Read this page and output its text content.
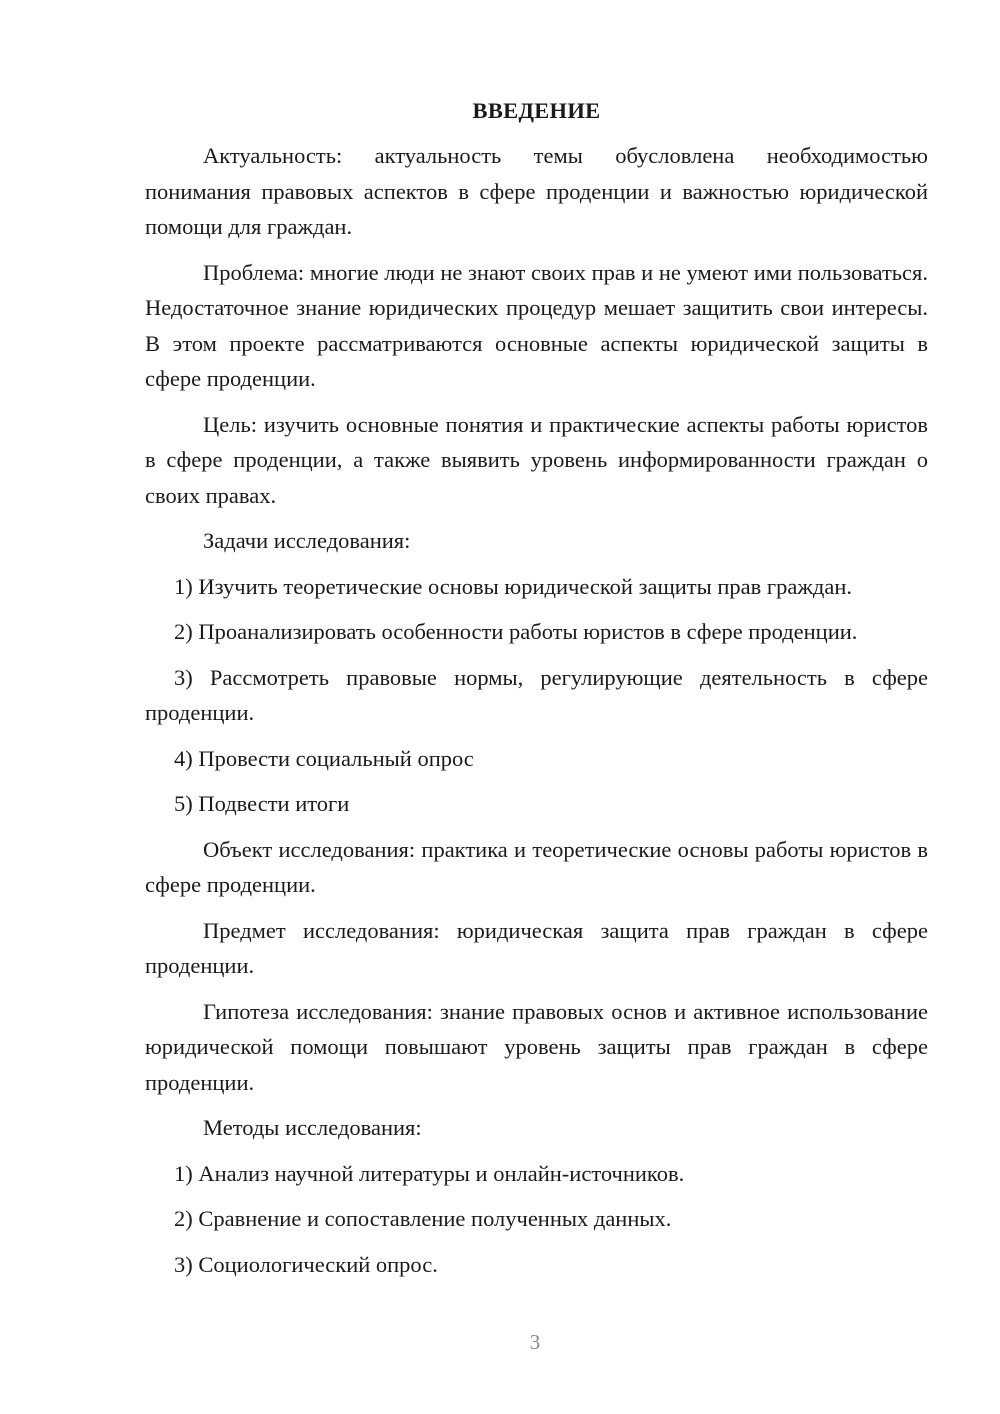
ВВЕДЕНИЕ
Актуальность: актуальность темы обусловлена необходимостью понимания правовых аспектов в сфере проденции и важностью юридической помощи для граждан.
Проблема: многие люди не знают своих прав и не умеют ими пользоваться. Недостаточное знание юридических процедур мешает защитить свои интересы. В этом проекте рассматриваются основные аспекты юридической защиты в сфере проденции.
Цель: изучить основные понятия и практические аспекты работы юристов в сфере проденции, а также выявить уровень информированности граждан о своих правах.
Задачи исследования:
1) Изучить теоретические основы юридической защиты прав граждан.
2) Проанализировать особенности работы юристов в сфере проденции.
3) Рассмотреть правовые нормы, регулирующие деятельность в сфере проденции.
4) Провести социальный опрос
5) Подвести итоги
Объект исследования: практика и теоретические основы работы юристов в сфере проденции.
Предмет исследования: юридическая защита прав граждан в сфере проденции.
Гипотеза исследования: знание правовых основ и активное использование юридической помощи повышают уровень защиты прав граждан в сфере проденции.
Методы исследования:
1) Анализ научной литературы и онлайн-источников.
2) Сравнение и сопоставление полученных данных.
3) Социологический опрос.
3
